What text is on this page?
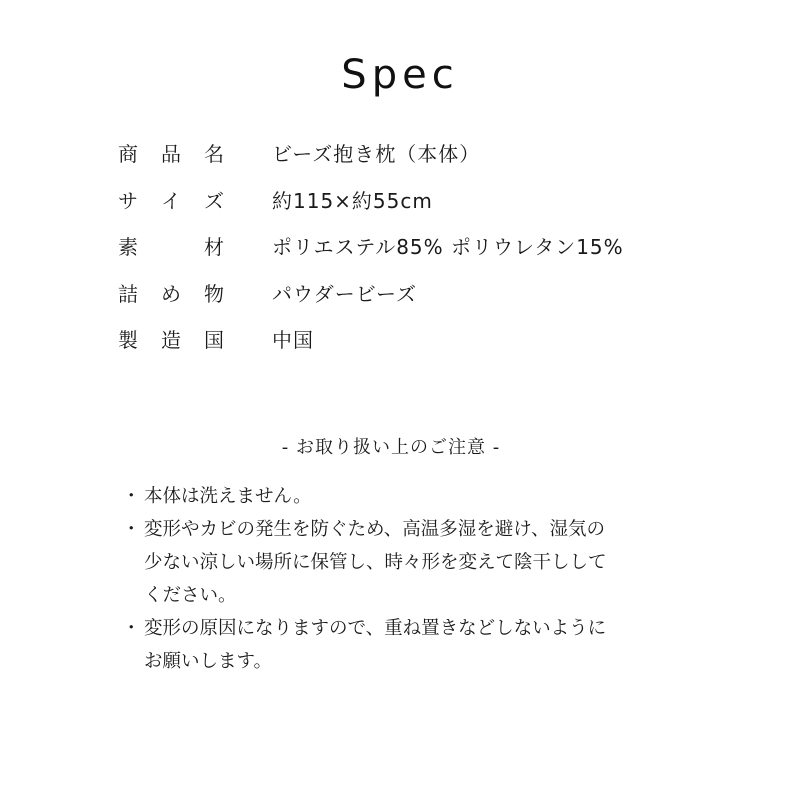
Spec
商 品 名 ビーズ抱き枕（本体）
サ イ ズ 約115×約55cm
素	材 ポリエステル85% ポリウレタン15%
詰 め 物 パウダービーズ
製 造 国 中国
- お取り扱い上のご注意 -
・ 本体は洗えません。
・ 変形やカビの発生を防ぐため、高温多湿を避け、湿気の
少ない涼しい場所に保管し、時々形を変えて陰干しして
ください。
・ 変形の原因になりますので、重ね置きなどしないように
お願いします。
